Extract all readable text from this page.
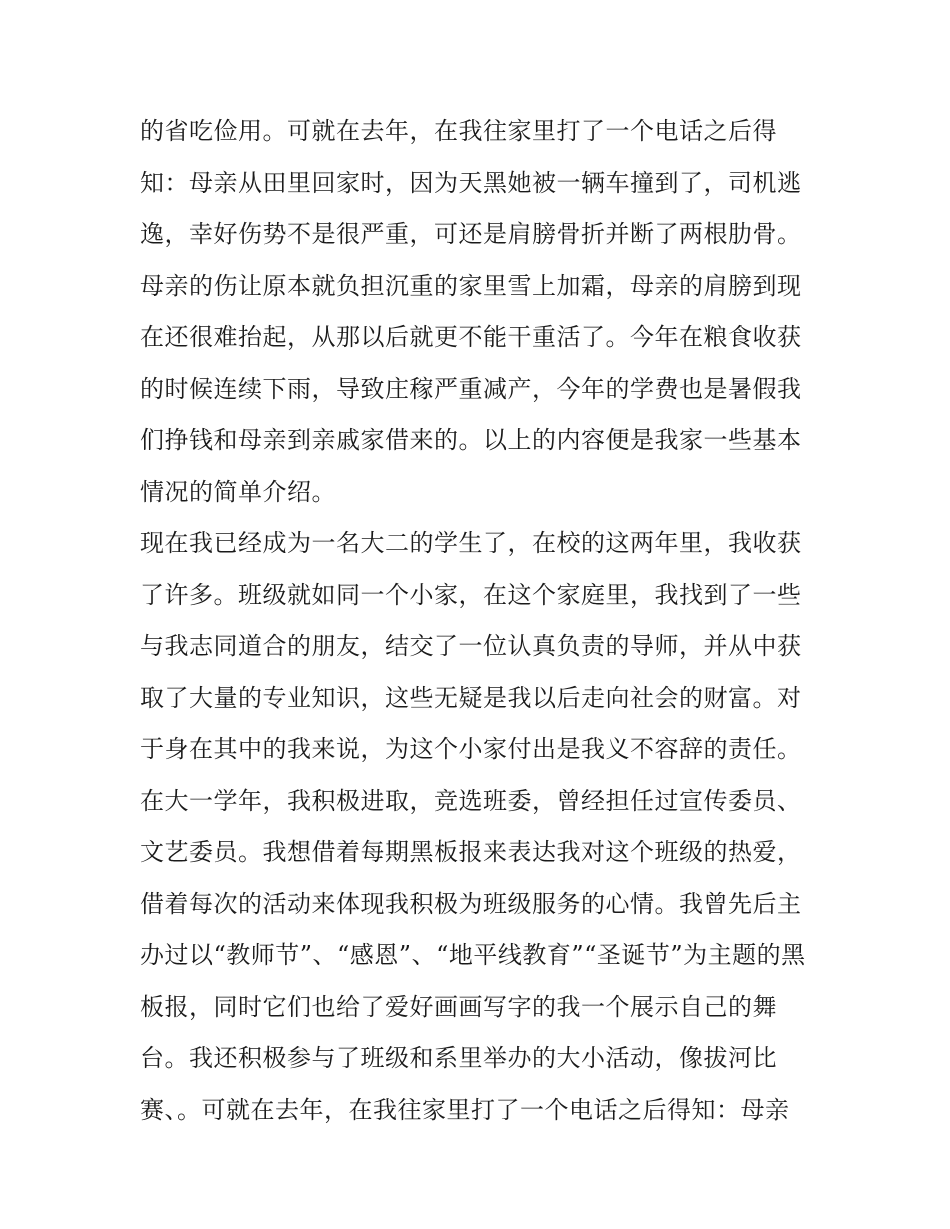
的省吃俭用。可就在去年，在我往家里打了一个电话之后得
知：母亲从田里回家时，因为天黑她被一辆车撞到了，司机逃
逸，幸好伤势不是很严重，可还是肩膀骨折并断了两根肋骨。
母亲的伤让原本就负担沉重的家里雪上加霜，母亲的肩膀到现
在还很难抬起，从那以后就更不能干重活了。今年在粮食收获
的时候连续下雨，导致庄稼严重减产，今年的学费也是暑假我
们挣钱和母亲到亲戚家借来的。以上的内容便是我家一些基本
情况的简单介绍。
现在我已经成为一名大二的学生了，在校的这两年里，我收获
了许多。班级就如同一个小家，在这个家庭里，我找到了一些
与我志同道合的朋友，结交了一位认真负责的导师，并从中获
取了大量的专业知识，这些无疑是我以后走向社会的财富。对
于身在其中的我来说，为这个小家付出是我义不容辞的责任。
在大一学年，我积极进取，竞选班委，曾经担任过宣传委员、
文艺委员。我想借着每期黑板报来表达我对这个班级的热爱，
借着每次的活动来体现我积极为班级服务的心情。我曾先后主
办过以“教师节”、“感恩”、“地平线教育”“圣诞节”为主题的黑
板报，同时它们也给了爱好画画写字的我一个展示自己的舞
台。我还积极参与了班级和系里举办的大小活动，像拔河比
赛、。可就在去年，在我往家里打了一个电话之后得知：母亲
